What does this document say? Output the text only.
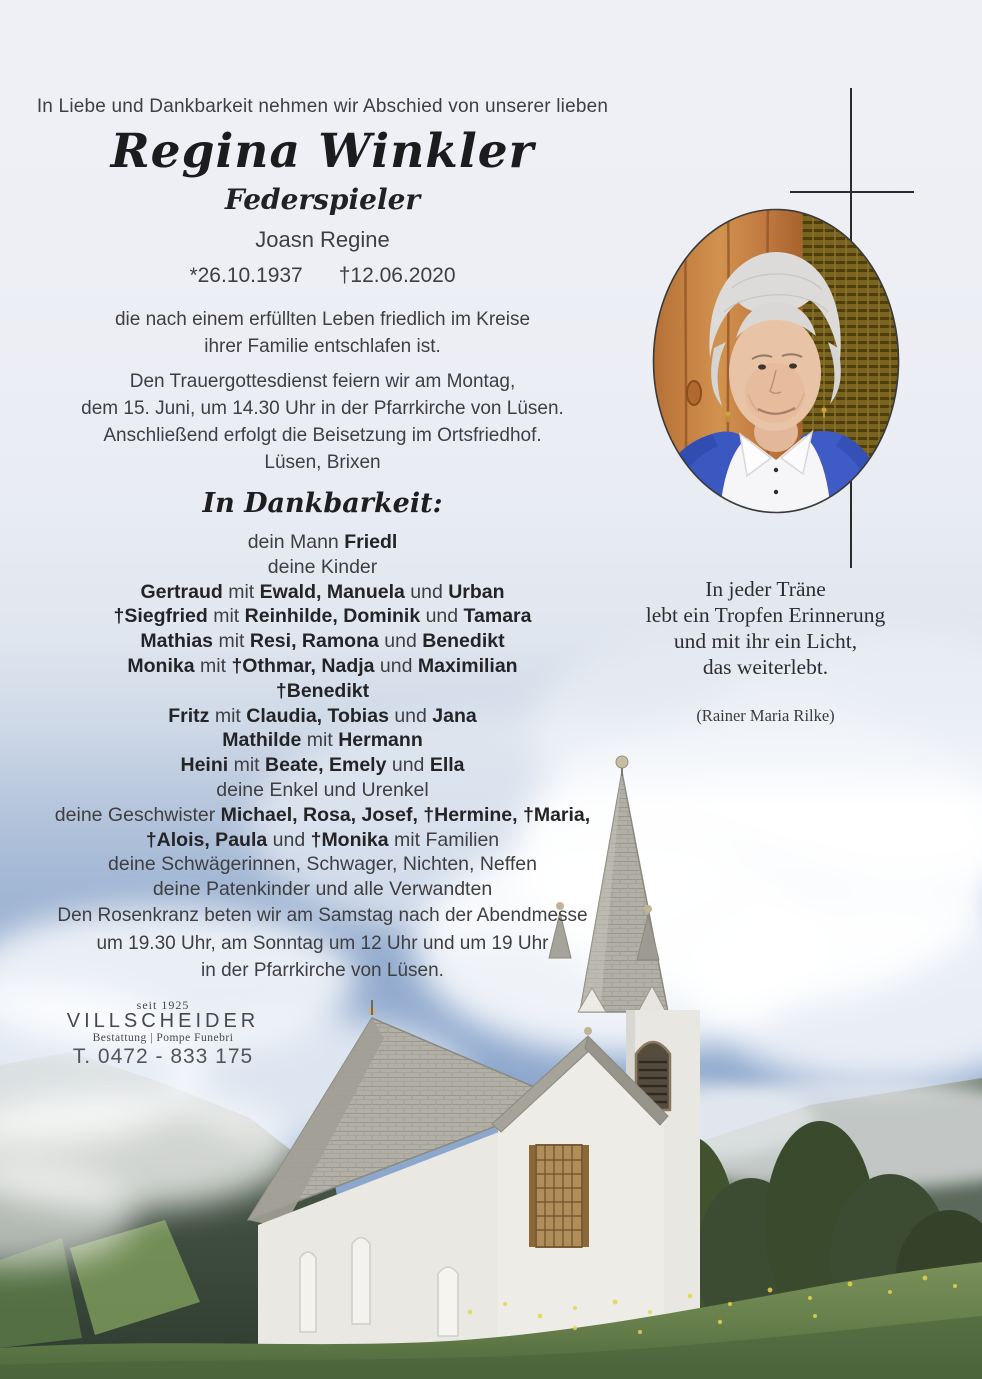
In Liebe und Dankbarkeit nehmen wir Abschied von unserer lieben
Regina Winkler
Federspieler
Joasn Regine
*26.10.1937 †12.06.2020
die nach einem erfüllten Leben friedlich im Kreise
ihrer Familie entschlafen ist.
Den Trauergottesdienst feiern wir am Montag,
dem 15. Juni, um 14.30 Uhr in der Pfarrkirche von Lüsen.
Anschließend erfolgt die Beisetzung im Ortsfriedhof.
Lüsen, Brixen
In Dankbarkeit:
dein Mann Friedl
deine Kinder
Gertraud mit Ewald, Manuela und Urban
†Siegfried mit Reinhilde, Dominik und Tamara
Mathias mit Resi, Ramona und Benedikt
Monika mit †Othmar, Nadja und Maximilian
†Benedikt
Fritz mit Claudia, Tobias und Jana
Mathilde mit Hermann
Heini mit Beate, Emely und Ella
deine Enkel und Urenkel
deine Geschwister Michael, Rosa, Josef, †Hermine, †Maria,
†Alois, Paula und †Monika mit Familien
deine Schwägerinnen, Schwager, Nichten, Neffen
deine Patenkinder und alle Verwandten
Den Rosenkranz beten wir am Samstag nach der Abendmesse
um 19.30 Uhr, am Sonntag um 12 Uhr und um 19 Uhr
in der Pfarrkirche von Lüsen.
In jeder Träne
lebt ein Tropfen Erinnerung
und mit ihr ein Licht,
das weiterlebt.
(Rainer Maria Rilke)
seit 1925
VILLSCHEIDER
Bestattung | Pompe Funebri
T. 0472 - 833 175
